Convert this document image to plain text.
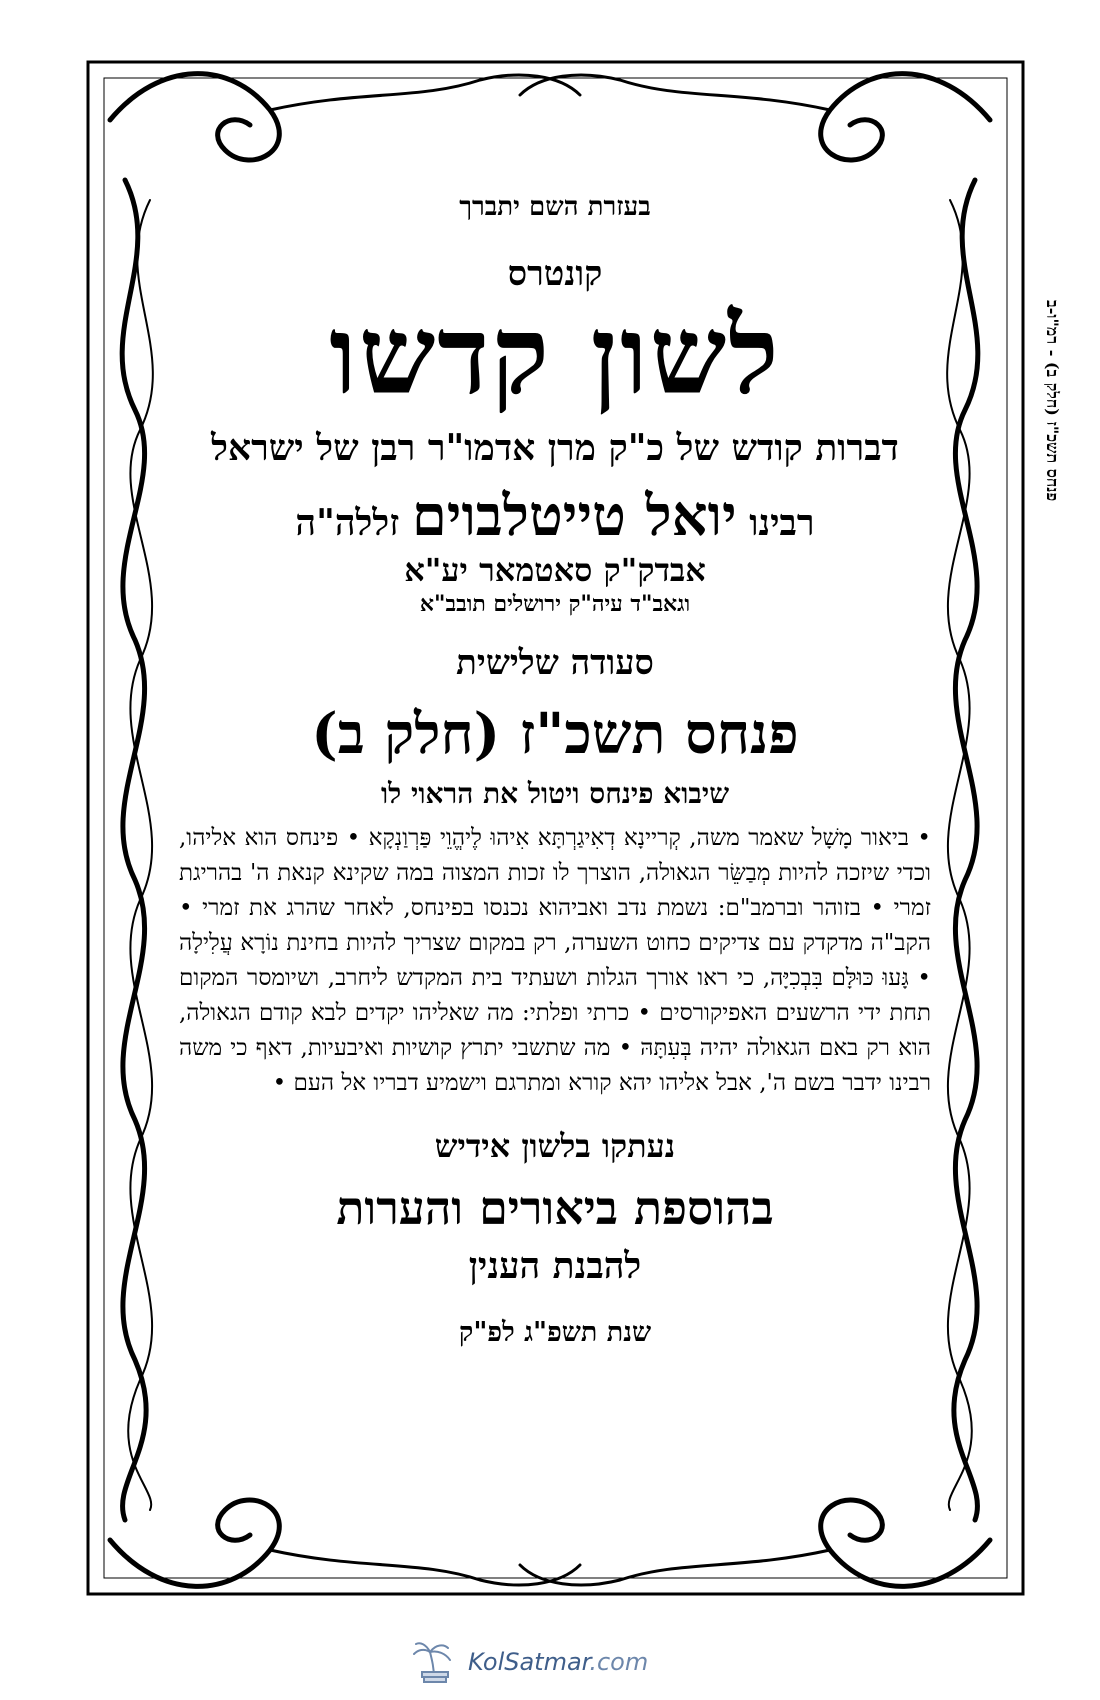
בעזרת השם יתברך
קונטרס
לשון קדשו
דברות קודש של כ"ק מרן אדמו"ר רבן של ישראל
רבינו יואל טייטלבוים זללה"ה
אבדק"ק סאטמאר יע"א
וגאב"ד עיה"ק ירושלים תובב"א
סעודה שלישית
פנחס תשכ"ז (חלק ב)
שיבוא פינחס ויטול את הראוי לו
• ביאור מָשָׁל שאמר משה, קְריינָא דְאִיגַרְתָּא אִיהוּ לֶיהֱוֵי פַּרְוַנְקָא • פינחס הוא אליהו, וכדי שיזכה להיות מְבַשֵּׂר הגאולה, הוצרך לו זכות המצוה במה שקינא קנאת ה' בהריגת זמרי • בזוהר וברמב"ם: נשמת נדב ואביהוא נכנסו בפינחס, לאחר שהרג את זמרי • הקב"ה מדקדק עם צדיקים כחוט השערה, רק במקום שצריך להיות בחינת נוֹרָא עֲלִילָה • גָּעוּ כּוּלָּם בִּבְכִיָּה, כי ראו אורך הגלות ושעתיד בית המקדש ליחרב, ושיומסר המקום תחת ידי הרשעים האפיקורסים • כרתי ופלתי: מה שאליהו יקדים לבא קודם הגאולה, הוא רק באם הגאולה יהיה בְּעִתָּהּ • מה שתשבי יתרץ קושיות ואיבעיות, דאף כי משה רבינו ידבר בשם ה', אבל אליהו יהא קורא ומתרגם וישמיע דבריו אל העם •
נעתקו בלשון אידיש
בהוספת ביאורים והערות
להבנת הענין
שנת תשפ"ג לפ"ק
פנחס תשכ"ז (חלק ב) - רמ"ו-ב
KolSatmar.com
